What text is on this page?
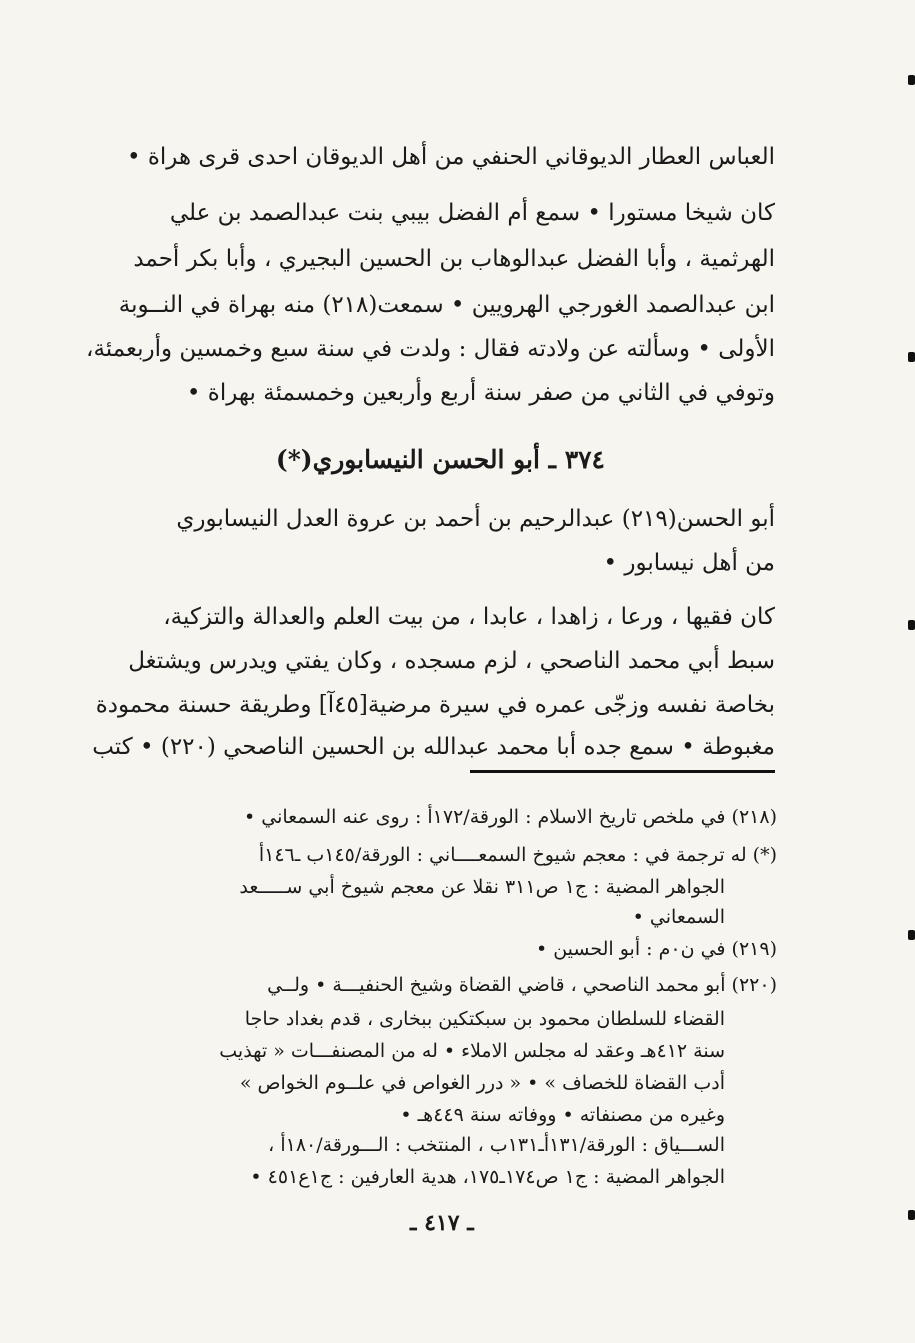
العباس العطار الديوقاني الحنفي من أهل الديوقان احدى قرى هراة •
كان شيخا مستورا • سمع أم الفضل بيبي بنت عبدالصمد بن علي
الهرثمية ، وأبا الفضل عبدالوهاب بن الحسين البجيري ، وأبا بكر أحمد
ابن عبدالصمد الغورجي الهرويين • سمعت(٢١٨) منه بهراة في النــوبة
الأولى • وسألته عن ولادته فقال : ولدت في سنة سبع وخمسين وأربعمئة،
وتوفي في الثاني من صفر سنة أربع وأربعين وخمسمئة بهراة •
٣٧٤ ـ أبو الحسن النيسابوري(*)
أبو الحسن(٢١٩) عبدالرحيم بن أحمد بن عروة العدل النيسابوري
من أهل نيسابور •
كان فقيها ، ورعا ، زاهدا ، عابدا ، من بيت العلم والعدالة والتزكية،
سبط أبي محمد الناصحي ، لزم مسجده ، وكان يفتي ويدرس ويشتغل
بخاصة نفسه وزجّى عمره في سيرة مرضية[٤٥آ] وطريقة حسنة محمودة
مغبوطة • سمع جده أبا محمد عبدالله بن الحسين الناصحي (٢٢٠) • كتب
(٢١٨) في ملخص تاريخ الاسلام : الورقة/١٧٢أ : روى عنه السمعاني •
(*) له ترجمة في : معجم شيوخ السمعــــاني : الورقة/١٤٥ب ـ١٤٦أ
الجواهر المضية : ج١ ص٣١١ نقلا عن معجم شيوخ أبي ســـــعد
السمعاني •
(٢١٩) في ن٠م : أبو الحسين •
(٢٢٠) أبو محمد الناصحي ، قاضي القضاة وشيخ الحنفيـــة • ولــي
القضاء للسلطان محمود بن سبكتكين ببخارى ، قدم بغداد حاجا
سنة ٤١٢هـ وعقد له مجلس الاملاء • له من المصنفـــات « تهذيب
أدب القضاة للخصاف » • « درر الغواص في علــوم الخواص »
وغيره من مصنفاته • ووفاته سنة ٤٤٩هـ •
الســـياق : الورقة/١٣١أـ١٣١ب ، المنتخب : الـــورقة/١٨٠أ ،
الجواهر المضية : ج١ ص١٧٤ـ١٧٥، هدية العارفين : ج١ع٤٥١ •
ـ ٤١٧ ـ
